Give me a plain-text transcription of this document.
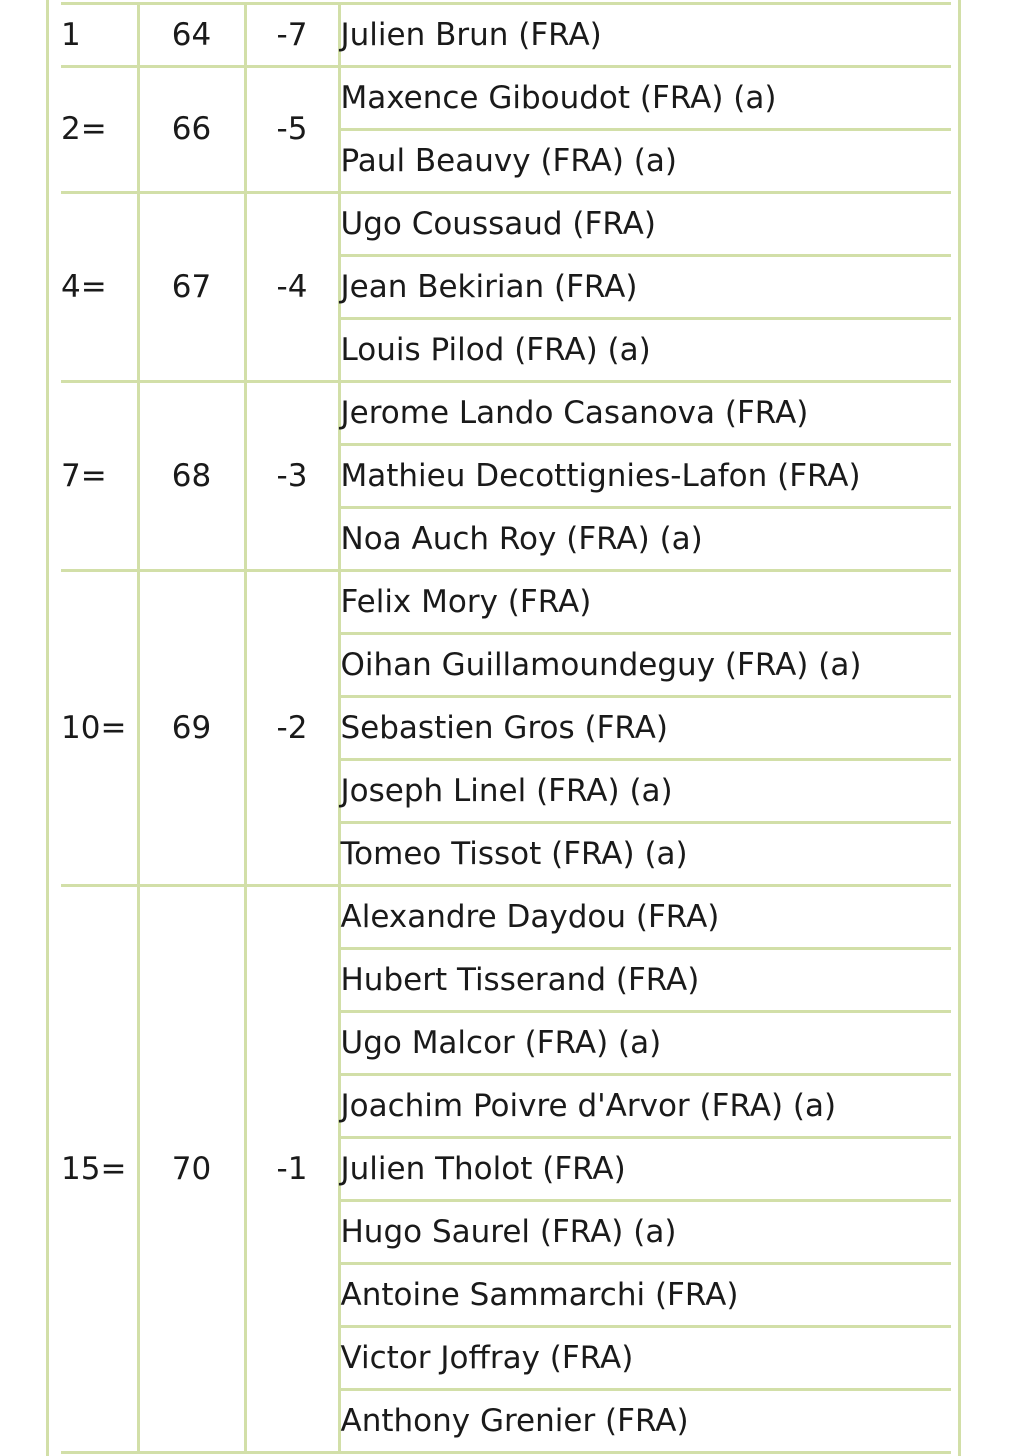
1	64	-7	Julien Brun (FRA)
2=	66	-5	Maxence Giboudot (FRA) (a)
			Paul Beauvy (FRA) (a)
4=	67	-4	Ugo Coussaud (FRA)
			Jean Bekirian (FRA)
			Louis Pilod (FRA) (a)
7=	68	-3	Jerome Lando Casanova (FRA)
			Mathieu Decottignies-Lafon (FRA)
			Noa Auch Roy (FRA) (a)
10=	69	-2	Felix Mory (FRA)
			Oihan Guillamoundeguy (FRA) (a)
			Sebastien Gros (FRA)
			Joseph Linel (FRA) (a)
			Tomeo Tissot (FRA) (a)
15=	70	-1	Alexandre Daydou (FRA)
			Hubert Tisserand (FRA)
			Ugo Malcor (FRA) (a)
			Joachim Poivre d'Arvor (FRA) (a)
			Julien Tholot (FRA)
			Hugo Saurel (FRA) (a)
			Antoine Sammarchi (FRA)
			Victor Joffray (FRA)
			Anthony Grenier (FRA)
